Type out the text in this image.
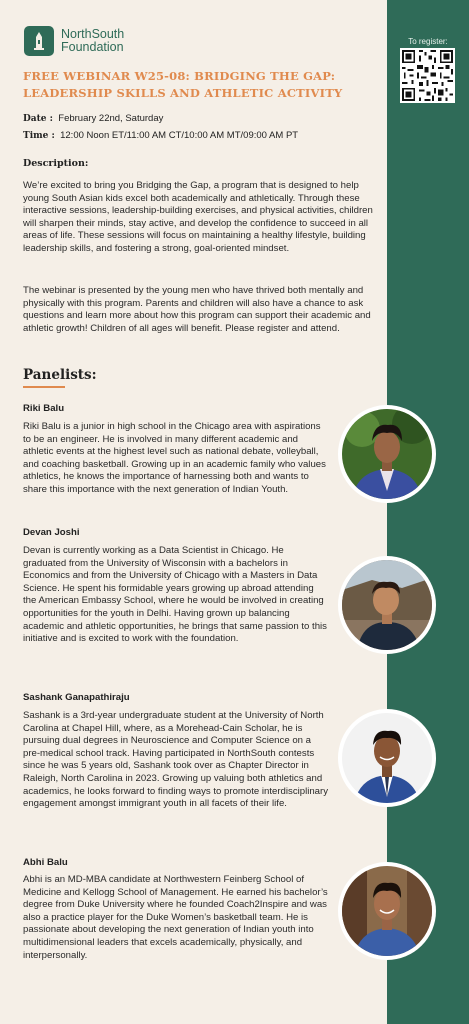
To register:
NorthSouth
Foundation
FREE WEBINAR W25-08: BRIDGING THE GAP: LEADERSHIP SKILLS AND ATHLETIC ACTIVITY
Date : February 22nd, Saturday
Time : 12:00 Noon ET/11:00 AM CT/10:00 AM MT/09:00 AM PT
Description:
We’re excited to bring you Bridging the Gap, a program that is designed to help young South Asian kids excel both academically and athletically. Through these interactive sessions, leadership-building exercises, and physical activities, children will sharpen their minds, stay active, and develop the confidence to succeed in all areas of life. These sessions will focus on maintaining a healthy lifestyle, building leadership skills, and fostering a strong, goal-oriented mindset.
The webinar is presented by the young men who have thrived both mentally and physically with this program. Parents and children will also have a chance to ask questions and learn more about how this program can support their academic and athletic growth! Children of all ages will benefit. Please register and attend.
Panelists:
Riki Balu
Riki Balu is a junior in high school in the Chicago area with aspirations to be an engineer. He is involved in many different academic and athletic events at the highest level such as national debate, volleyball, and coaching basketball. Growing up in an academic family who values athletics, he knows the importance of harnessing both and wants to share this importance with the next generation of Indian Youth.
Devan Joshi
Devan is currently working as a Data Scientist in Chicago. He graduated from the University of Wisconsin with a bachelors in Economics and from the University of Chicago with a Masters in Data Science. He spent his formidable years growing up abroad attending the American Embassy School, where he would be involved in creating opportunities for the youth in Delhi. Having grown up balancing academic and athletic opportunities, he brings that same passion to this initiative and is excited to work with the foundation.
Sashank Ganapathiraju
Sashank is a 3rd-year undergraduate student at the University of North Carolina at Chapel Hill, where, as a Morehead-Cain Scholar, he is pursuing dual degrees in Neuroscience and Computer Science on a pre-medical school track. Having participated in NorthSouth contests since he was 5 years old, Sashank took over as Chapter Director in Raleigh, North Carolina in 2023. Growing up valuing both athletics and academics, he looks forward to finding ways to promote interdisciplinary engagement amongst immigrant youth in all facets of their life.
Abhi Balu
Abhi is an MD-MBA candidate at Northwestern Feinberg School of Medicine and Kellogg School of Management. He earned his bachelor’s degree from Duke University where he founded Coach2Inspire and was also a practice player for the Duke Women’s basketball team. He is passionate about developing the next generation of Indian youth into multidimensional leaders that excels academically, physically, and interpersonally.
